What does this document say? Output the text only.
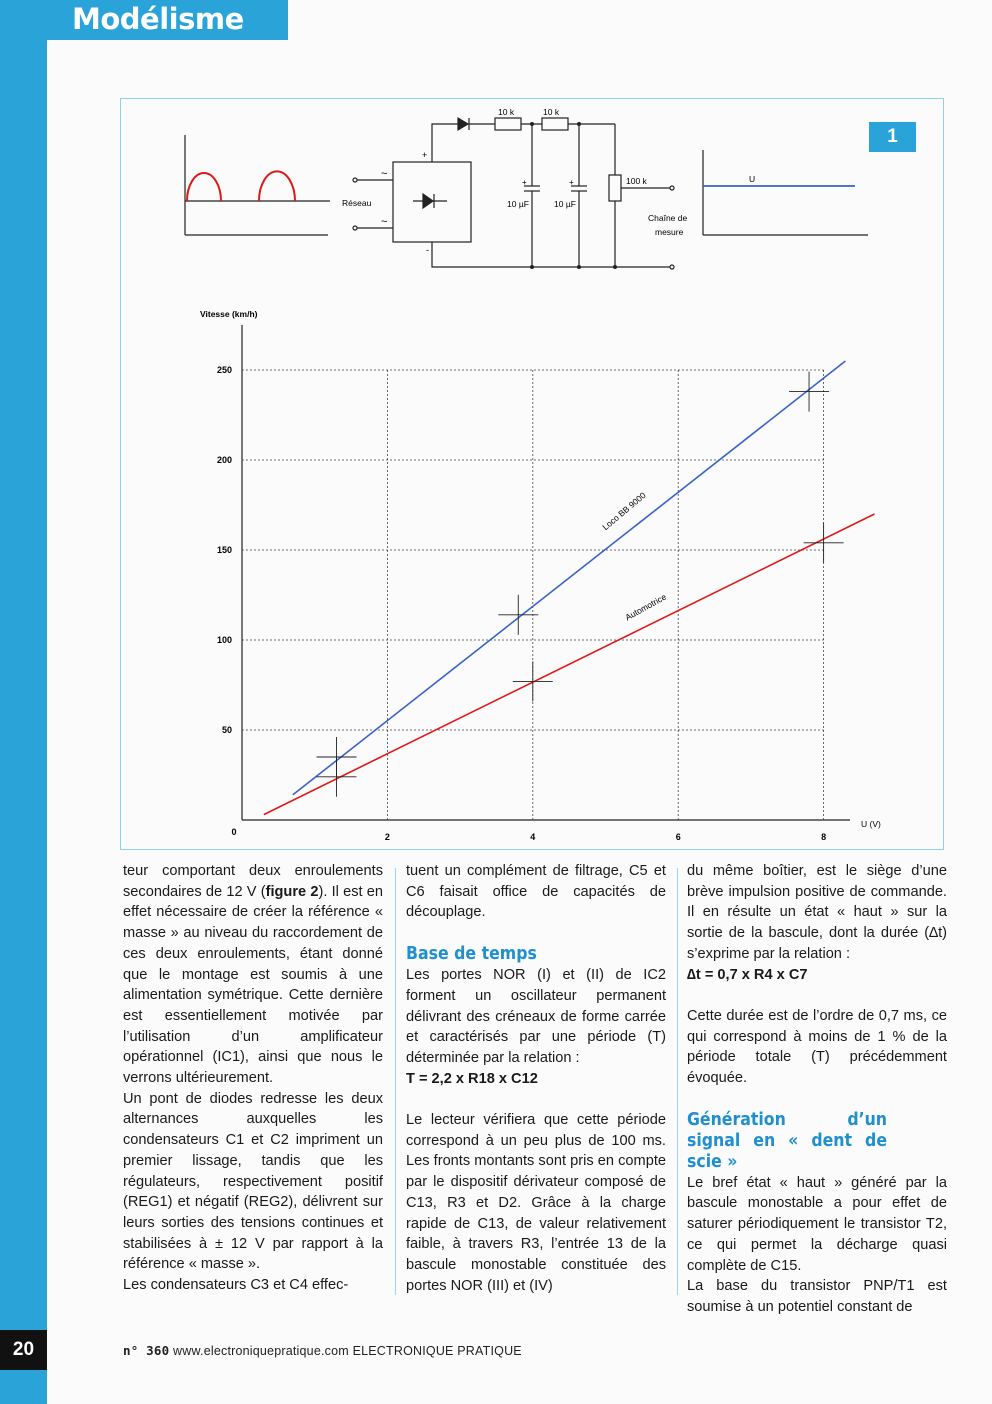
Modélisme
1
~
~
+
-
+	+
10 k	10 k
10 µF	10 µF
100 k
Réseau
Chaîne de
mesure
U
250
200
150
100
50
2	4	6	8
0
Vitesse (km/h)
U (V)
Loco BB 9000
Automotrice

teur comportant deux enroulements secondaires de 12 V (figure 2). Il est en effet nécessaire de créer la référence « masse » au niveau du raccordement de ces deux enroulements, étant donné que le montage est soumis à une alimentation symétrique. Cette dernière est essentiellement motivée par l’utilisation d’un amplificateur opérationnel (IC1), ainsi que nous le verrons ultérieurement.

Un pont de diodes redresse les deux alternances auxquelles les condensateurs C1 et C2 impriment un premier lissage, tandis que les régulateurs, respectivement positif (REG1) et négatif (REG2), délivrent sur leurs sorties des tensions continues et stabilisées à ± 12 V par rapport à la référence « masse ».

Les condensateurs C3 et C4 effec-

tuent un complément de filtrage, C5 et C6 faisait office de capacités de découplage.

Base de temps

Les portes NOR (I) et (II) de IC2 forment un oscillateur permanent délivrant des créneaux de forme carrée et caractérisés par une période (T) déterminée par la relation :

T = 2,2 x R18 x C12

Le lecteur vérifiera que cette période correspond à un peu plus de 100 ms. Les fronts montants sont pris en compte par le dispositif dérivateur composé de C13, R3 et D2. Grâce à la charge rapide de C13, de valeur relativement faible, à travers R3, l’entrée 13 de la bascule monostable constituée des portes NOR (III) et (IV)

du même boîtier, est le siège d’une brève impulsion positive de commande. Il en résulte un état « haut » sur la sortie de la bascule, dont la durée (∆t) s’exprime par la relation :

∆t = 0,7 x R4 x C7

Cette durée est de l’ordre de 0,7 ms, ce qui correspond à moins de 1 % de la période totale (T) précédemment évoquée.

Génération d’un signal en « dent de scie »

Le bref état « haut » généré par la bascule monostable a pour effet de saturer périodiquement le transistor T2, ce qui permet la décharge quasi complète de C15.

La base du transistor PNP/T1 est soumise à un potentiel constant de

20	n° 360 www.electroniquepratique.com ELECTRONIQUE PRATIQUE
